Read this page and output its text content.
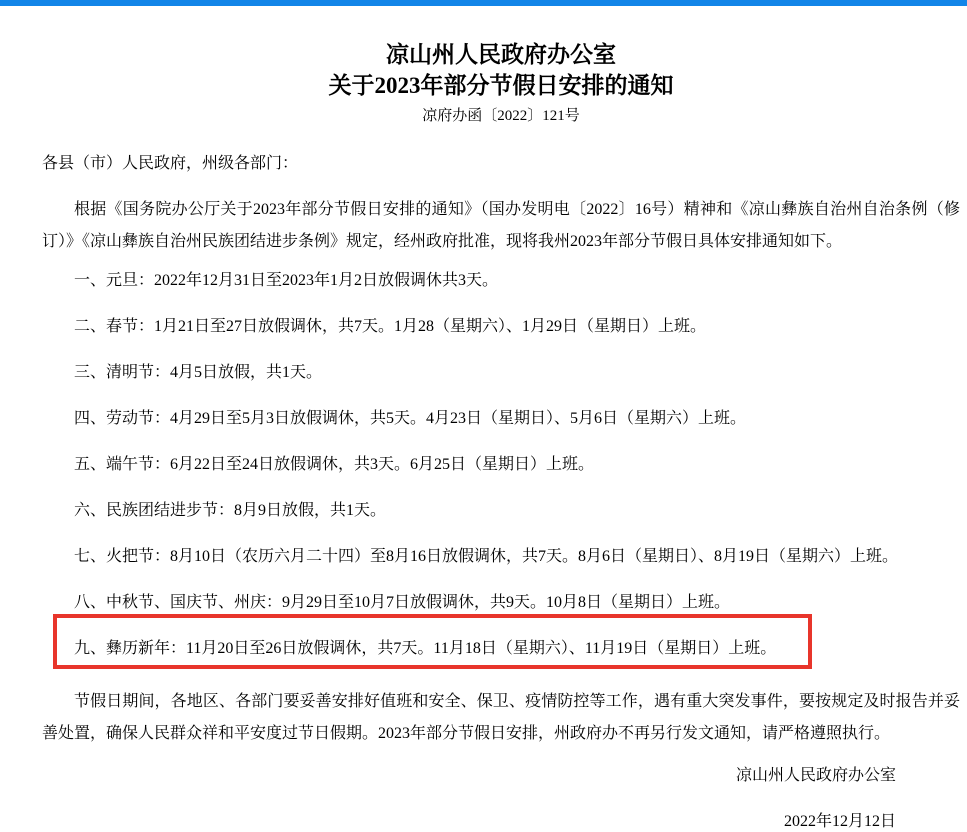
凉山州人民政府办公室
关于2023年部分节假日安排的通知
凉府办函〔2022〕121号
各县（市）人民政府，州级各部门：
根据《国务院办公厅关于2023年部分节假日安排的通知》（国办发明电〔2022〕16号）精神和《凉山彝族自治州自治条例（修订）》《凉山彝族自治州民族团结进步条例》规定，经州政府批准，现将我州2023年部分节假日具体安排通知如下。
一、元旦：2022年12月31日至2023年1月2日放假调休共3天。
二、春节：1月21日至27日放假调休，共7天。1月28（星期六）、1月29日（星期日）上班。
三、清明节：4月5日放假，共1天。
四、劳动节：4月29日至5月3日放假调休，共5天。4月23日（星期日）、5月6日（星期六）上班。
五、端午节：6月22日至24日放假调休，共3天。6月25日（星期日）上班。
六、民族团结进步节：8月9日放假，共1天。
七、火把节：8月10日（农历六月二十四）至8月16日放假调休，共7天。8月6日（星期日）、8月19日（星期六）上班。
八、中秋节、国庆节、州庆：9月29日至10月7日放假调休，共9天。10月8日（星期日）上班。
九、彝历新年：11月20日至26日放假调休，共7天。11月18日（星期六）、11月19日（星期日）上班。
节假日期间，各地区、各部门要妥善安排好值班和安全、保卫、疫情防控等工作，遇有重大突发事件，要按规定及时报告并妥善处置，确保人民群众祥和平安度过节日假期。2023年部分节假日安排，州政府办不再另行发文通知，请严格遵照执行。
凉山州人民政府办公室
2022年12月12日
